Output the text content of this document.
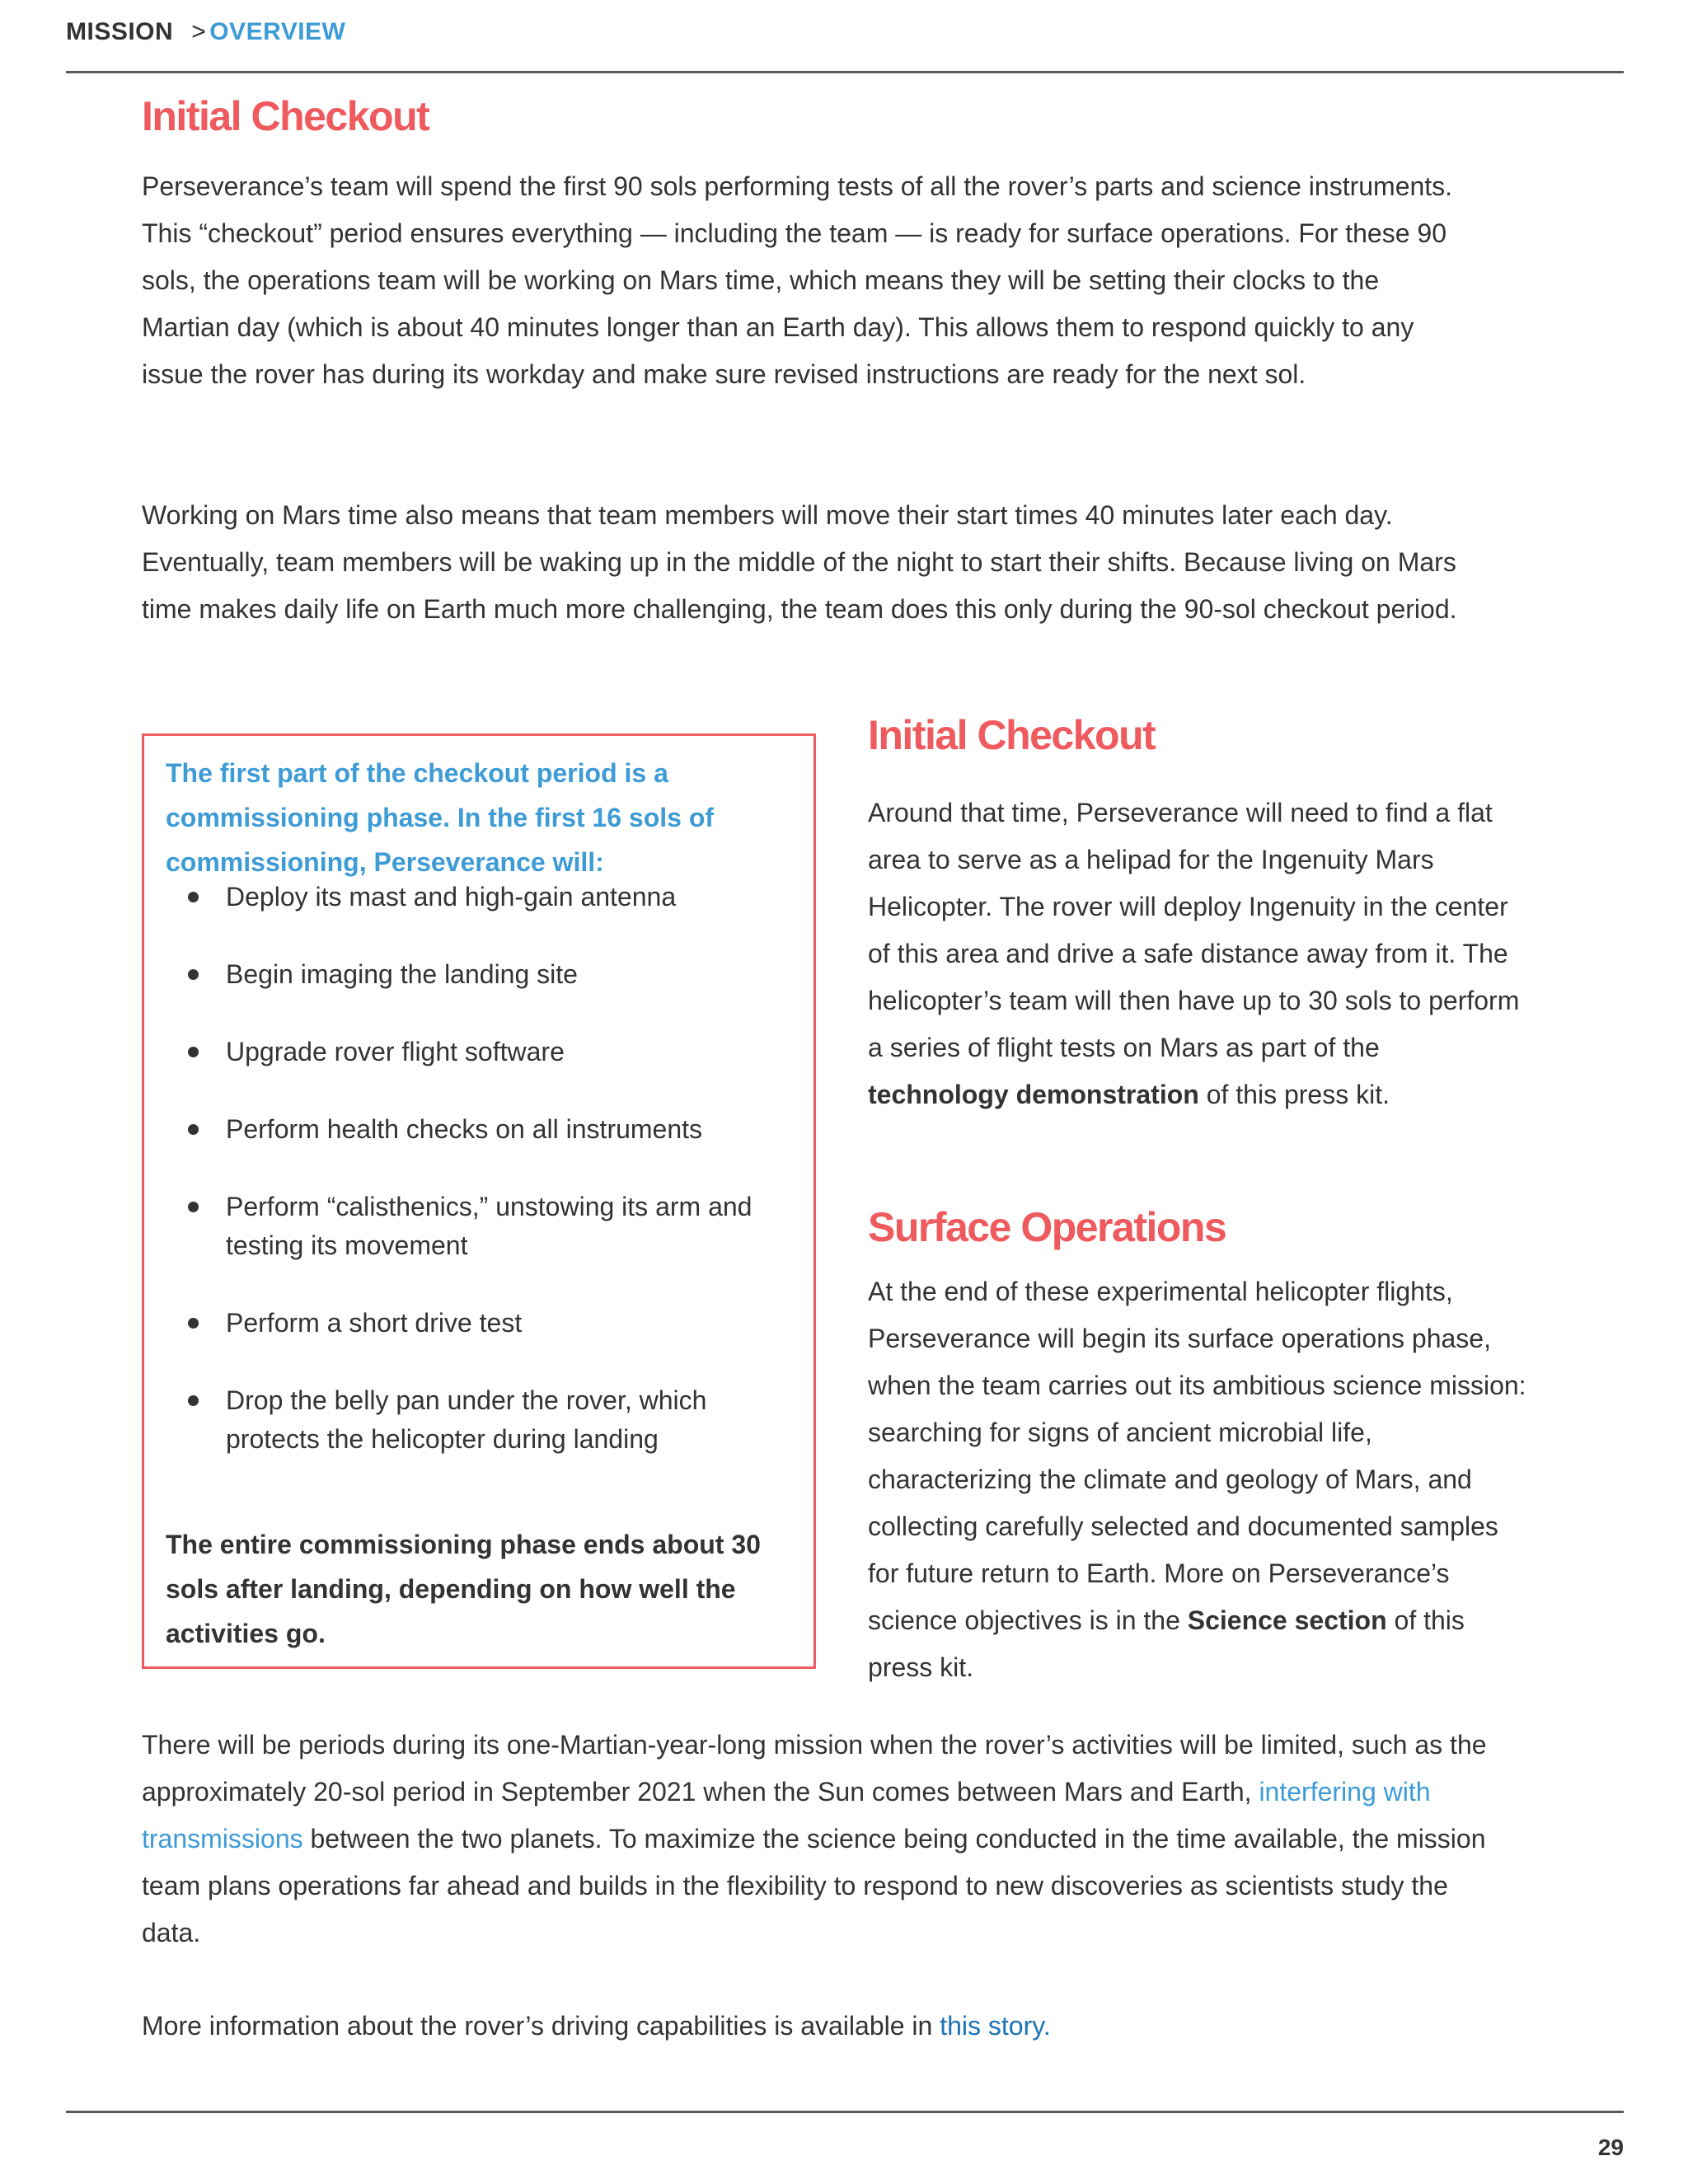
MISSION > OVERVIEW
Initial Checkout

Perseverance’s team will spend the first 90 sols performing tests of all the rover’s parts and science instruments. This “checkout” period ensures everything — including the team — is ready for surface operations. For these 90 sols, the operations team will be working on Mars time, which means they will be setting their clocks to the Martian day (which is about 40 minutes longer than an Earth day). This allows them to respond quickly to any issue the rover has during its workday and make sure revised instructions are ready for the next sol.

Working on Mars time also means that team members will move their start times 40 minutes later each day. Eventually, team members will be waking up in the middle of the night to start their shifts. Because living on Mars time makes daily life on Earth much more challenging, the team does this only during the 90-sol checkout period.

The first part of the checkout period is a commissioning phase. In the first 16 sols of commissioning, Perseverance will:

Deploy its mast and high-gain antenna
Begin imaging the landing site
Upgrade rover flight software
Perform health checks on all instruments
Perform “calisthenics,” unstowing its arm and testing its movement
Perform a short drive test
Drop the belly pan under the rover, which protects the helicopter during landing

The entire commissioning phase ends about 30 sols after landing, depending on how well the activities go.

Initial Checkout

Around that time, Perseverance will need to find a flat area to serve as a helipad for the Ingenuity Mars Helicopter. The rover will deploy Ingenuity in the center of this area and drive a safe distance away from it. The helicopter’s team will then have up to 30 sols to perform a series of flight tests on Mars as part of the technology demonstration of this press kit.

Surface Operations

At the end of these experimental helicopter flights, Perseverance will begin its surface operations phase, when the team carries out its ambitious science mission: searching for signs of ancient microbial life, characterizing the climate and geology of Mars, and collecting carefully selected and documented samples for future return to Earth. More on Perseverance’s science objectives is in the Science section of this press kit.

There will be periods during its one-Martian-year-long mission when the rover’s activities will be limited, such as the approximately 20-sol period in September 2021 when the Sun comes between Mars and Earth, interfering with transmissions between the two planets. To maximize the science being conducted in the time available, the mission team plans operations far ahead and builds in the flexibility to respond to new discoveries as scientists study the data.

More information about the rover’s driving capabilities is available in this story.

29
